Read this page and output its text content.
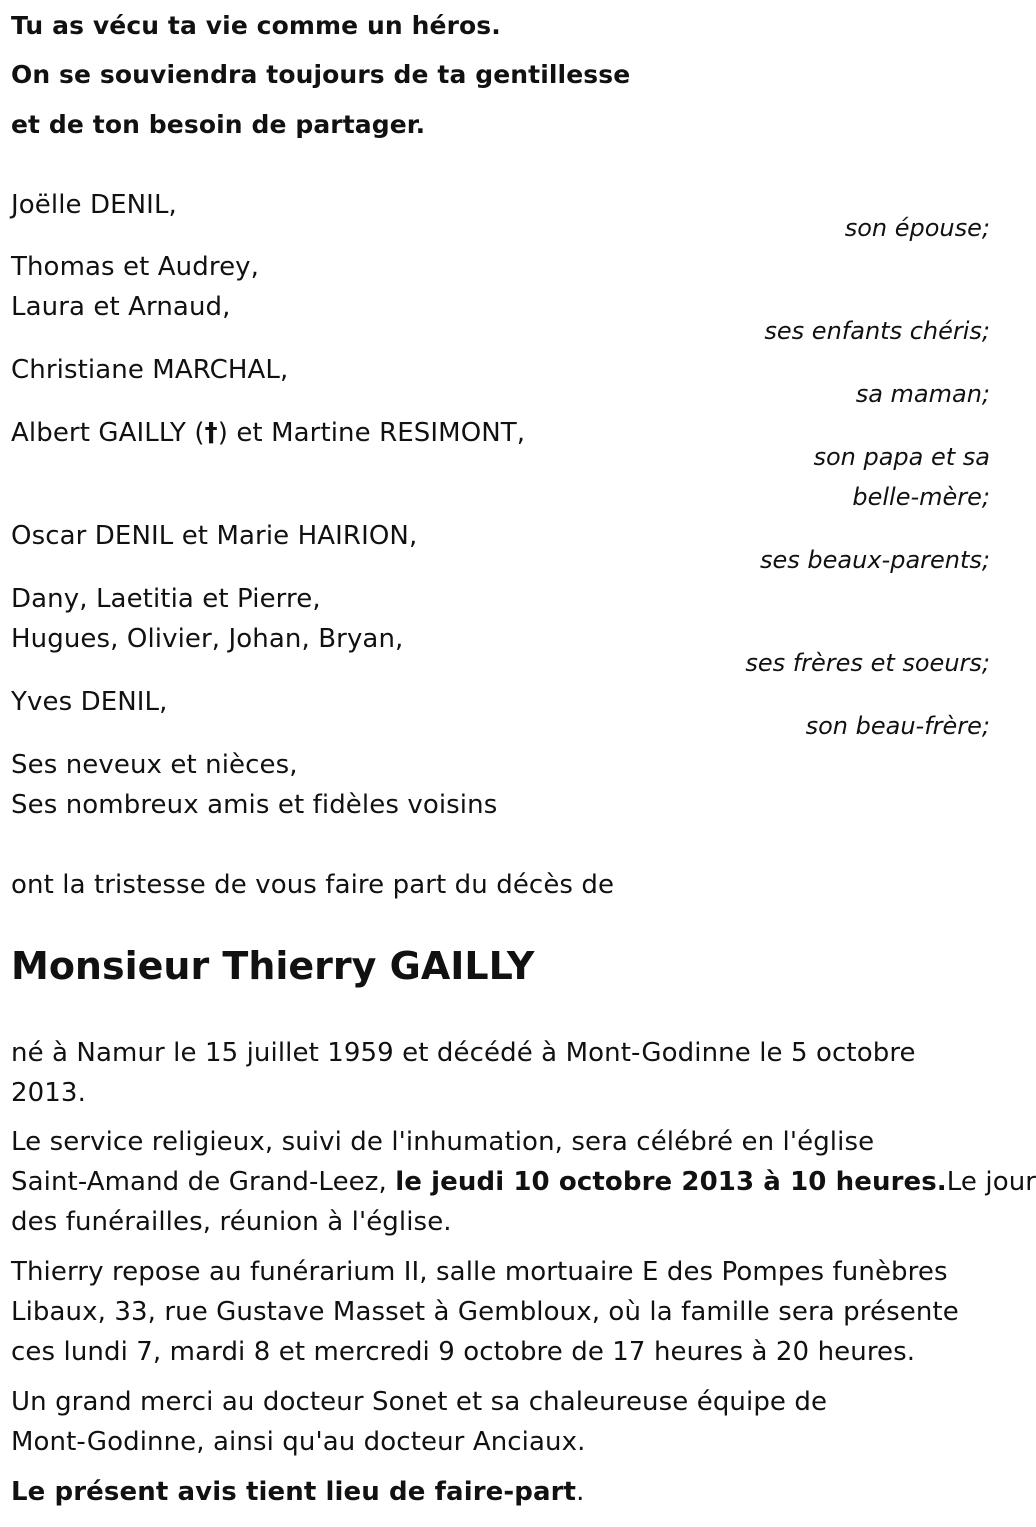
Tu as vécu ta vie comme un héros.
On se souviendra toujours de ta gentillesse
et de ton besoin de partager.
Joëlle DENIL,
son épouse;
Thomas et Audrey,
Laura et Arnaud,
ses enfants chéris;
Christiane MARCHAL,
sa maman;
Albert GAILLY (†) et Martine RESIMONT,
son papa et sa
belle-mère;
Oscar DENIL et Marie HAIRION,
ses beaux-parents;
Dany, Laetitia et Pierre,
Hugues, Olivier, Johan, Bryan,
ses frères et soeurs;
Yves DENIL,
son beau-frère;
Ses neveux et nièces,
Ses nombreux amis et fidèles voisins
ont la tristesse de vous faire part du décès de
Monsieur Thierry GAILLY
né à Namur le 15 juillet 1959 et décédé à Mont-Godinne le 5 octobre
2013.
Le service religieux, suivi de l'inhumation, sera célébré en l'église
Saint-Amand de Grand-Leez, le jeudi 10 octobre 2013 à 10 heures.Le jour
des funérailles, réunion à l'église.
Thierry repose au funérarium II, salle mortuaire E des Pompes funèbres
Libaux, 33, rue Gustave Masset à Gembloux, où la famille sera présente
ces lundi 7, mardi 8 et mercredi 9 octobre de 17 heures à 20 heures.
Un grand merci au docteur Sonet et sa chaleureuse équipe de
Mont-Godinne, ainsi qu'au docteur Anciaux.
Le présent avis tient lieu de faire-part.
